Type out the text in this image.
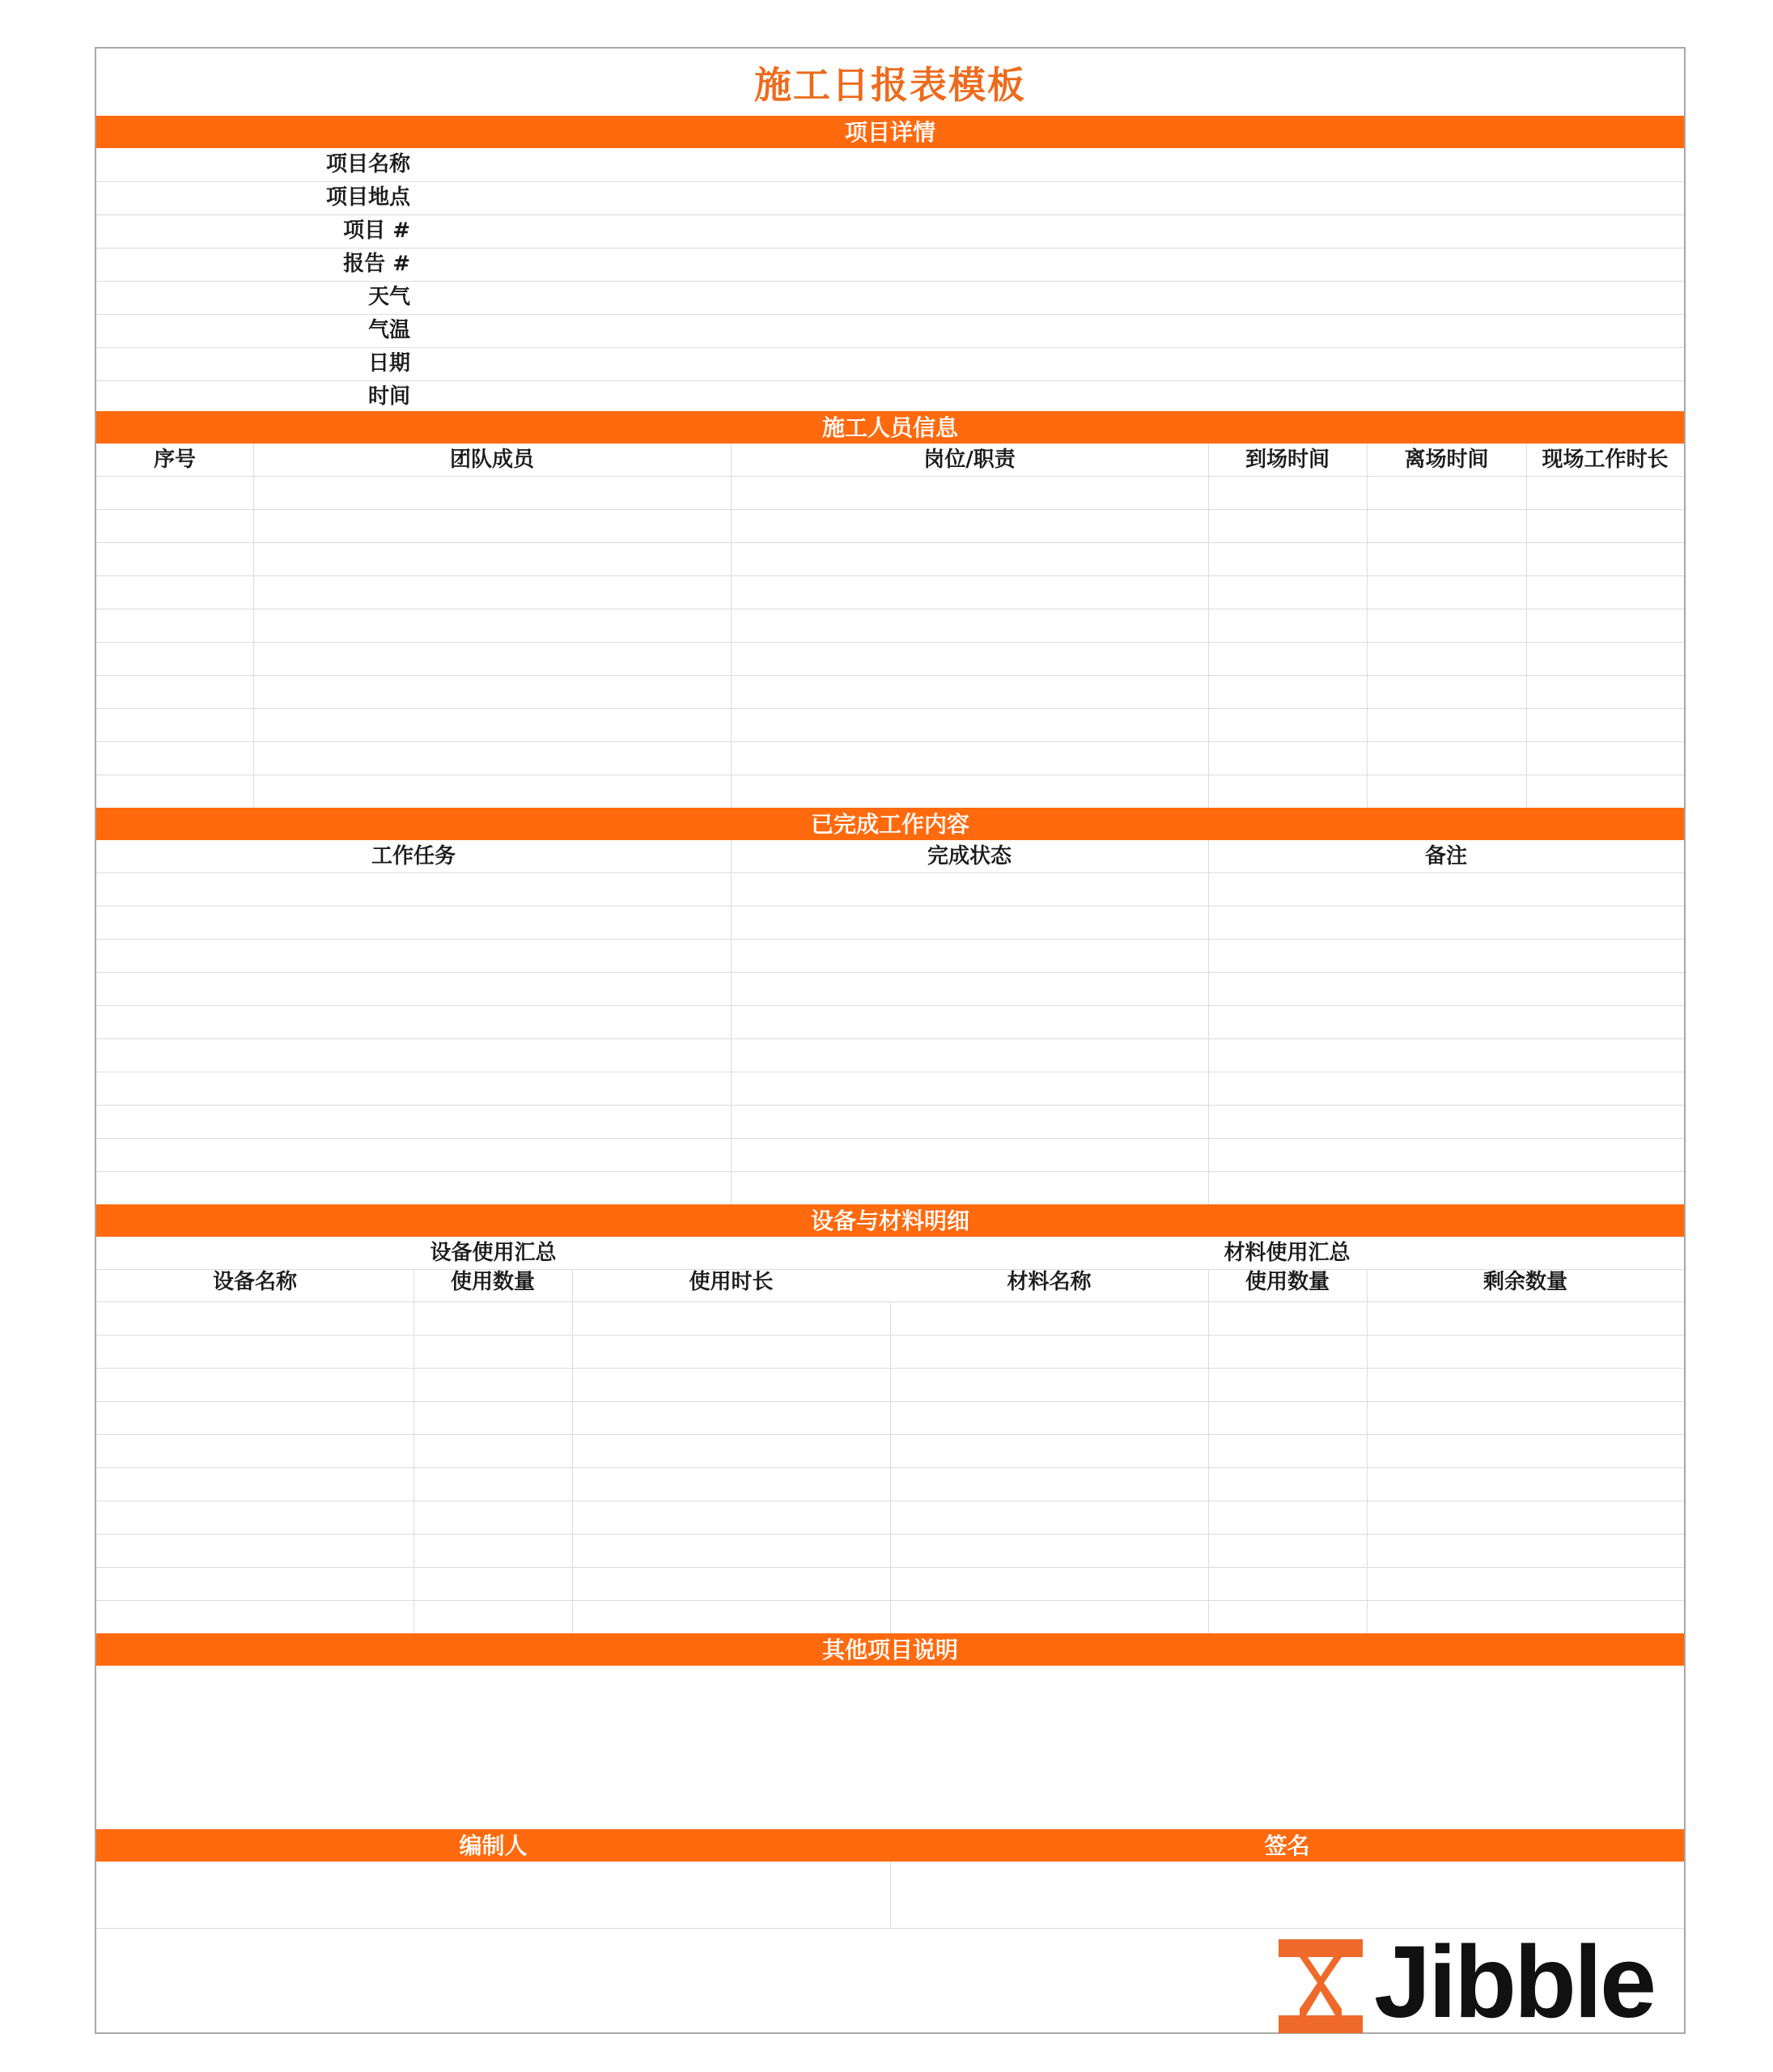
施工日报表模板
项目详情
项目名称
项目地点
项目 #
报告 #
天气
气温
日期
时间
施工人员信息
序号	团队成员	岗位/职责	到场时间	离场时间	现场工作时长
已完成工作内容
工作任务	完成状态	备注
设备与材料明细
设备使用汇总	材料使用汇总
设备名称	使用数量	使用时长	材料名称	使用数量	剩余数量
其他项目说明
编制人	签名
Jibble
